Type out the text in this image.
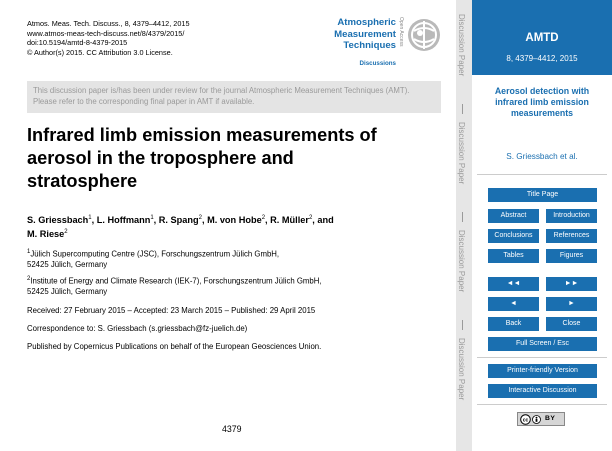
Atmos. Meas. Tech. Discuss., 8, 4379–4412, 2015
www.atmos-meas-tech-discuss.net/8/4379/2015/
doi:10.5194/amtd-8-4379-2015
© Author(s) 2015. CC Attribution 3.0 License.
Atmospheric
Measurement
Techniques
Discussions
Open Access
This discussion paper is/has been under review for the journal Atmospheric Measurement Techniques (AMT). Please refer to the corresponding final paper in AMT if available.
Infrared limb emission measurements of
aerosol in the troposphere and
stratosphere
S. Griessbach$^1$, L. Hoffmann$^1$, R. Spang$^2$, M. von Hobe$^2$, R. Müller$^2$, and
M. Riese$^2$
$^1$Jülich Supercomputing Centre (JSC), Forschungszentrum Jülich GmbH,
52425 Jülich, Germany
$^2$Institute of Energy and Climate Research (IEK-7), Forschungszentrum Jülich GmbH,
52425 Jülich, Germany
Received: 27 February 2015 – Accepted: 23 March 2015 – Published: 29 April 2015
Correspondence to: S. Griessbach (s.griessbach@fz-juelich.de)
Published by Copernicus Publications on behalf of the European Geosciences Union.
4379
Discussion Paper
Discussion Paper
Discussion Paper
Discussion Paper
AMTD
8, 4379–4412, 2015
Aerosol detection with infrared limb emission measurements
S. Griessbach et al.
Title Page
Abstract	Introduction
Conclusions	References
Tables	Figures
◄◄	►►
◄	►
Back	Close
Full Screen / Esc
Printer-friendly Version
Interactive Discussion
cc	BY
